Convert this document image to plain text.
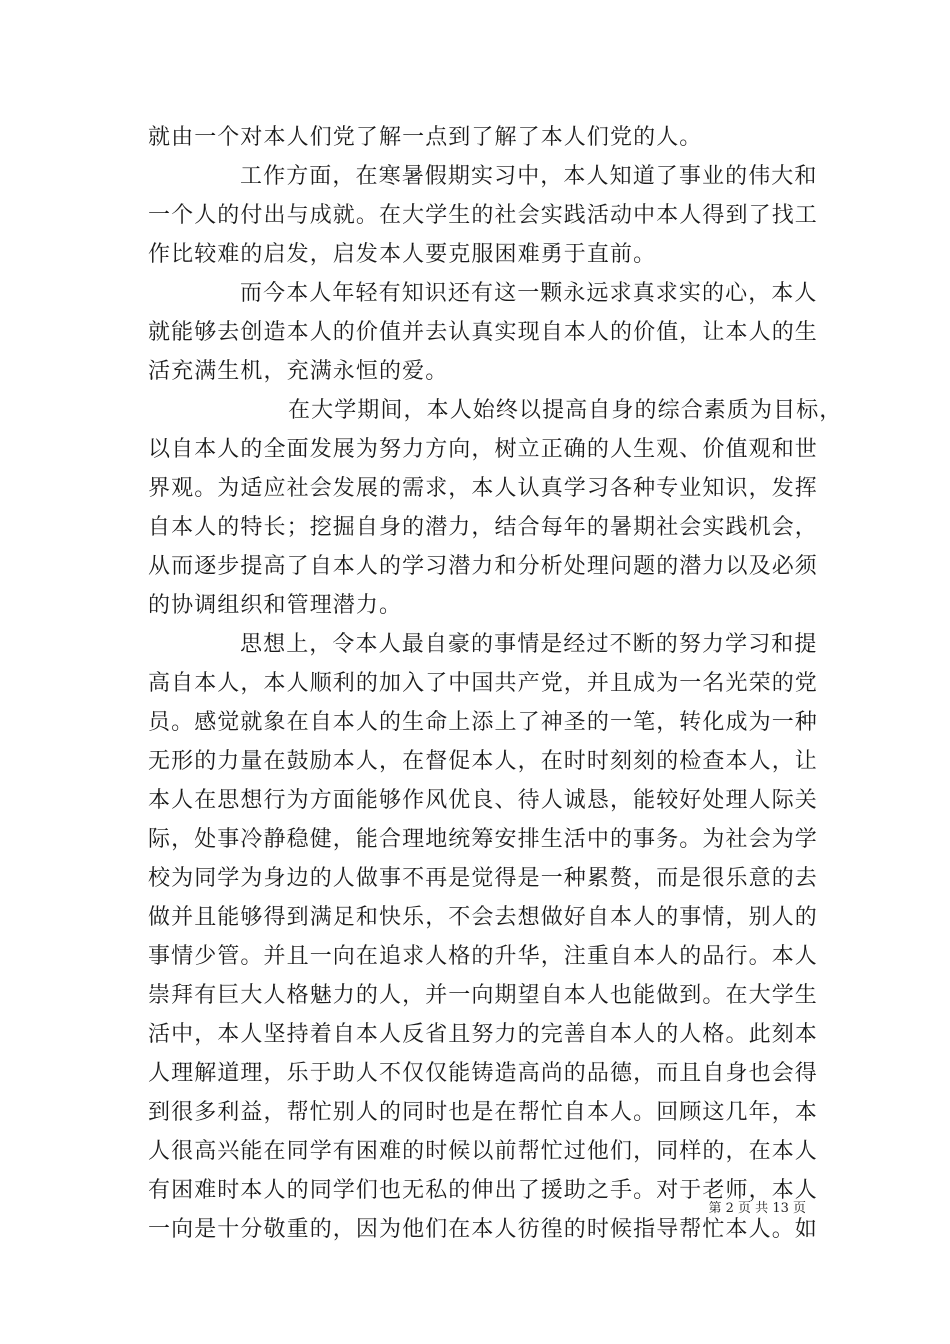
就由一个对本人们党了解一点到了解了本人们党的人。
工作方面，在寒暑假期实习中，本人知道了事业的伟大和
一个人的付出与成就。在大学生的社会实践活动中本人得到了找工
作比较难的启发，启发本人要克服困难勇于直前。
而今本人年轻有知识还有这一颗永远求真求实的心，本人
就能够去创造本人的价值并去认真实现自本人的价值，让本人的生
活充满生机，充满永恒的爱。
在大学期间，本人始终以提高自身的综合素质为目标，
以自本人的全面发展为努力方向，树立正确的人生观、价值观和世
界观。为适应社会发展的需求，本人认真学习各种专业知识，发挥
自本人的特长；挖掘自身的潜力，结合每年的暑期社会实践机会，
从而逐步提高了自本人的学习潜力和分析处理问题的潜力以及必须
的协调组织和管理潜力。
思想上，令本人最自豪的事情是经过不断的努力学习和提
高自本人，本人顺利的加入了中国共产党，并且成为一名光荣的党
员。感觉就象在自本人的生命上添上了神圣的一笔，转化成为一种
无形的力量在鼓励本人，在督促本人，在时时刻刻的检查本人，让
本人在思想行为方面能够作风优良、待人诚恳，能较好处理人际关
际，处事冷静稳健，能合理地统筹安排生活中的事务。为社会为学
校为同学为身边的人做事不再是觉得是一种累赘，而是很乐意的去
做并且能够得到满足和快乐，不会去想做好自本人的事情，别人的
事情少管。并且一向在追求人格的升华，注重自本人的品行。本人
崇拜有巨大人格魅力的人，并一向期望自本人也能做到。在大学生
活中，本人坚持着自本人反省且努力的完善自本人的人格。此刻本
人理解道理，乐于助人不仅仅能铸造高尚的品德，而且自身也会得
到很多利益，帮忙别人的同时也是在帮忙自本人。回顾这几年，本
人很高兴能在同学有困难的时候以前帮忙过他们，同样的，在本人
有困难时本人的同学们也无私的伸出了援助之手。对于老师，本人
一向是十分敬重的，因为他们在本人彷徨的时候指导帮忙本人。如
第 2 页 共 13 页
